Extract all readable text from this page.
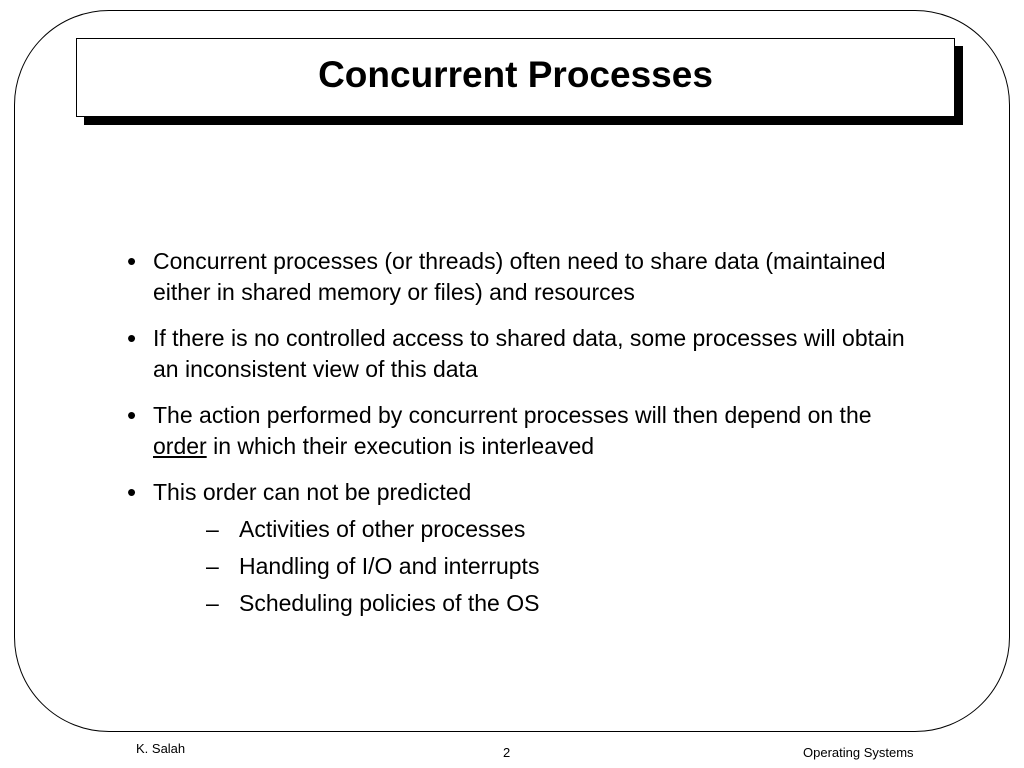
Concurrent Processes
• Concurrent processes (or threads) often need to share data (maintained either in shared memory or files) and resources
• If there is no controlled access to shared data, some processes will obtain an inconsistent view of this data
• The action performed by concurrent processes will then depend on the order in which their execution is interleaved
• This order can not be predicted
– Activities of other processes
– Handling of I/O and interrupts
– Scheduling policies of the OS
K. Salah	2	Operating Systems
